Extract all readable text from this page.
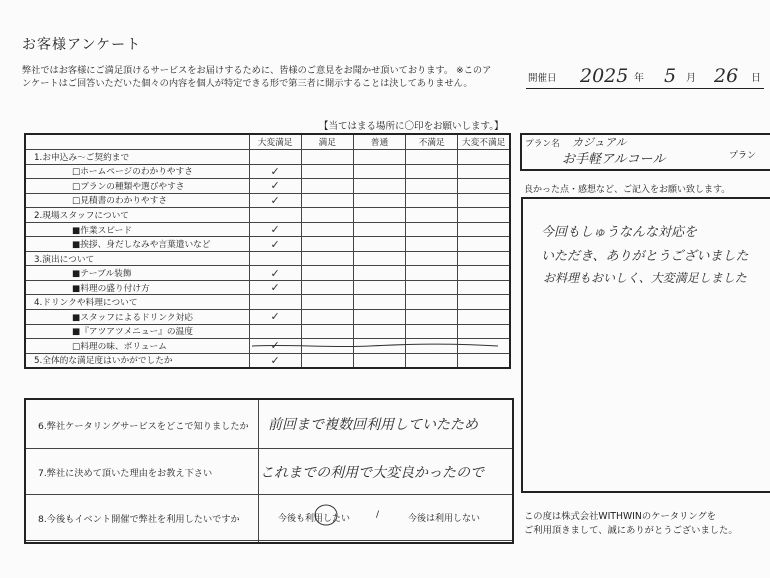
お客様アンケート
弊社ではお客様にご満足頂けるサービスをお届けするために、皆様のご意見をお聞かせ頂いております。 ※このアンケートはご回答いただいた個々の内容を個人が特定できる形で第三者に開示することは決してありません。	開催日 2025 年 5 月 26 日
【当てはまる場所に〇印をお願いします。】
	大変満足	満足	普通	不満足	大変不満足
1.お申込み～ご契約まで					
□ホームページのわかりやすさ	✓				
□プランの種類や選びやすさ	✓				
□見積書のわかりやすさ	✓				
2.現場スタッフについて					
■作業スピード	✓				
■挨拶、身だしなみや言葉遣いなど	✓				
3.演出について					
■テーブル装飾	✓				
■料理の盛り付け方	✓				
4.ドリンクや料理について					
■スタッフによるドリンク対応	✓				
■『アツアツメニュー』の温度					
□料理の味、ボリューム	✓				
5.全体的な満足度はいかがでしたか	✓				
6.弊社ケータリングサービスをどこで知りましたか 前回まで複数回利用していたため
7.弊社に決めて頂いた理由をお教え下さい	これまでの利用で大変良かったので
8.今後もイベント開催で弊社を利用したいですか	今後も利用したい	/	今後は利用しない
プラン名 カジュアル
お手軽アルコール	プラン
良かった点・感想など、ご記入をお願い致します。
今回もしゅうなんな対応を
いただき、ありがとうございました
お料理もおいしく、大変満足しました
この度は株式会社WITHWINのケータリングを
ご利用頂きまして、誠にありがとうございました。
